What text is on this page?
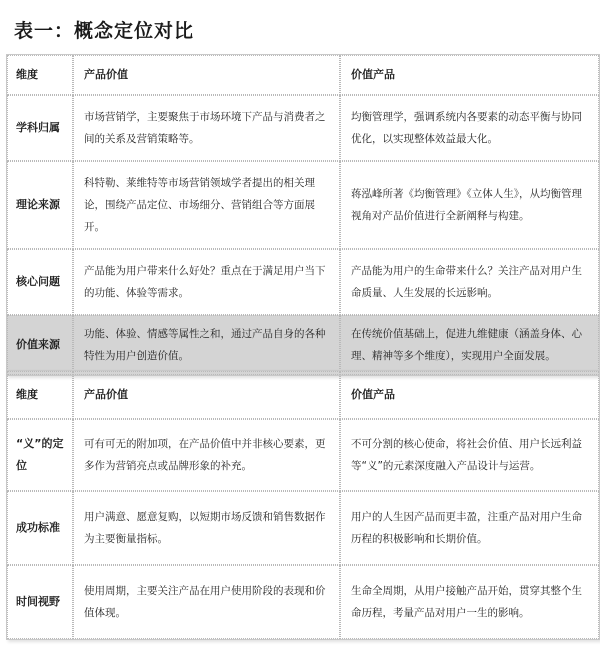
表一：概念定位对比
维度	产品价值	价值产品
学科归属	市场营销学，主要聚焦于市场环境下产品与消费者之间的关系及营销策略等。	均衡管理学，强调系统内各要素的动态平衡与协同优化，以实现整体效益最大化。
理论来源	科特勒、莱维特等市场营销领域学者提出的相关理论，围绕产品定位、市场细分、营销组合等方面展开。	蒋泓峰所著《均衡管理》《立体人生》，从均衡管理视角对产品价值进行全新阐释与构建。
核心问题	产品能为用户带来什么好处？重点在于满足用户当下的功能、体验等需求。	产品能为用户的生命带来什么？关注产品对用户生命质量、人生发展的长远影响。
价值来源	功能、体验、情感等属性之和，通过产品自身的各种特性为用户创造价值。	在传统价值基础上，促进九维健康（涵盖身体、心理、精神等多个维度），实现用户全面发展。
维度	产品价值	价值产品
“义”的定位	可有可无的附加项，在产品价值中并非核心要素，更多作为营销亮点或品牌形象的补充。	不可分割的核心使命，将社会价值、用户长远利益等“义”的元素深度融入产品设计与运营。
成功标准	用户满意、愿意复购，以短期市场反馈和销售数据作为主要衡量指标。	用户的人生因产品而更丰盈，注重产品对用户生命历程的积极影响和长期价值。
时间视野	使用周期，主要关注产品在用户使用阶段的表现和价值体现。	生命全周期，从用户接触产品开始，贯穿其整个生命历程，考量产品对用户一生的影响。
